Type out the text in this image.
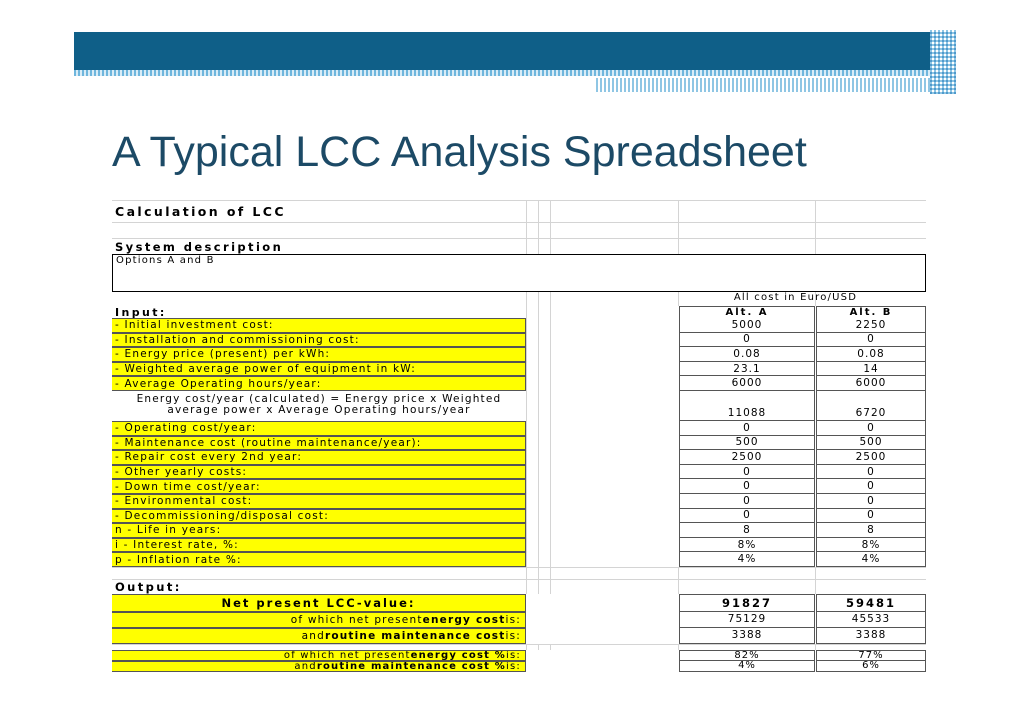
A Typical LCC Analysis Spreadsheet
Calculation of LCC
System description
Options A and B
All cost in Euro/USD
Input:	Alt. A	Alt. B
- Initial investment cost:	5000	2250
- Installation and commissioning cost:	0	0
- Energy price (present) per kWh:	0.08	0.08
- Weighted average power of equipment in kW:	23.1	14
- Average Operating hours/year:	6000	6000
Energy cost/year (calculated) = Energy price x Weighted average power x Average Operating hours/year	11088	6720
- Operating cost/year:	0	0
- Maintenance cost (routine maintenance/year):	500	500
- Repair cost every 2nd year:	2500	2500
- Other yearly costs:	0	0
- Down time cost/year:	0	0
- Environmental cost:	0	0
- Decommissioning/disposal cost:	0	0
n - Life in years:	8	8
i - Interest rate, %:	8%	8%
p - Inflation rate %:	4%	4%
Output:
Net present LCC-value:	91827	59481
of which net present energy cost is:	75129	45533
and routine maintenance cost is:	3388	3388
of which net present energy cost % is:	82%	77%
and routine maintenance cost % is:	4%	6%
